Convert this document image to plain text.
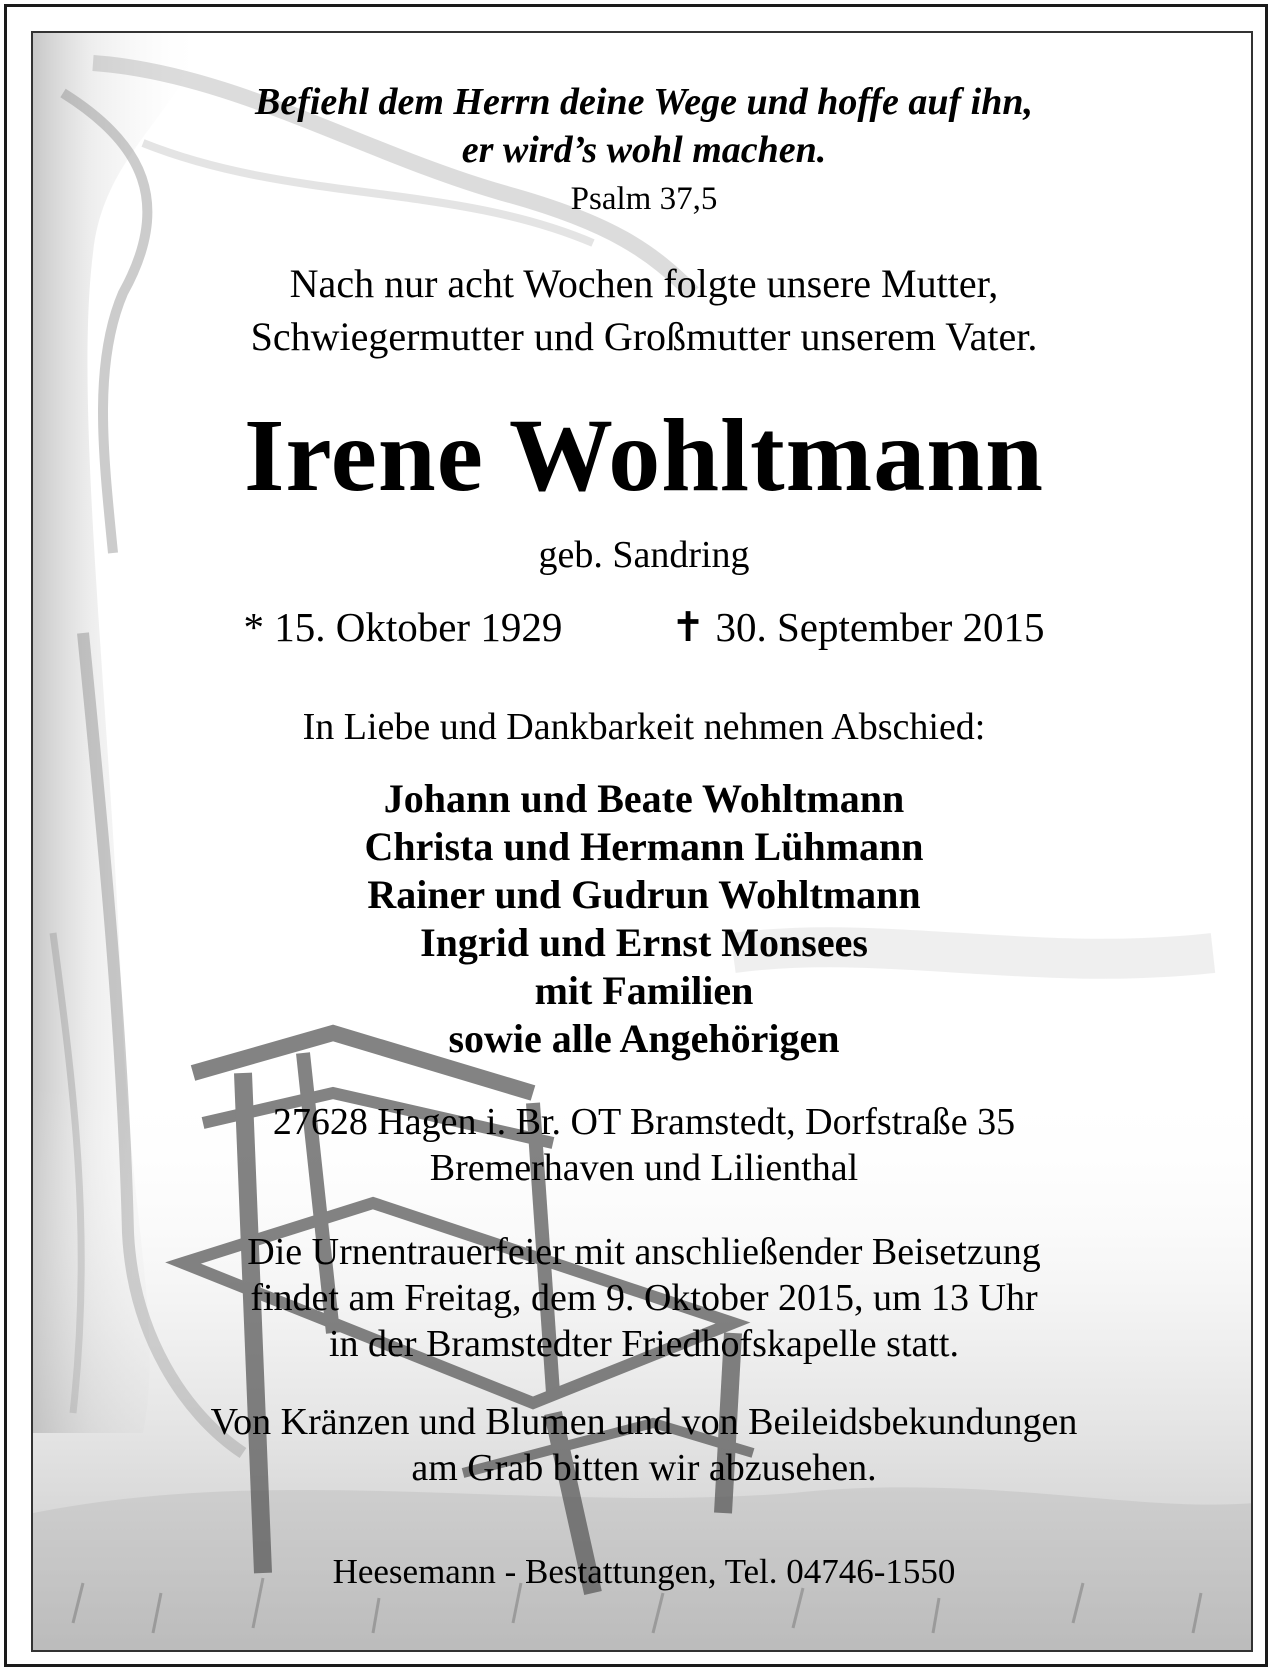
Befiehl dem Herrn deine Wege und hoffe auf ihn,
er wird’s wohl machen.
Psalm 37,5
Nach nur acht Wochen folgte unsere Mutter,
Schwiegermutter und Großmutter unserem Vater.
Irene Wohltmann
geb. Sandring
* 15. Oktober 1929	✝ 30. September 2015
In Liebe und Dankbarkeit nehmen Abschied:
Johann und Beate Wohltmann
Christa und Hermann Lühmann
Rainer und Gudrun Wohltmann
Ingrid und Ernst Monsees
mit Familien
sowie alle Angehörigen
27628 Hagen i. Br. OT Bramstedt, Dorfstraße 35
Bremerhaven und Lilienthal
Die Urnentrauerfeier mit anschließender Beisetzung
findet am Freitag, dem 9. Oktober 2015, um 13 Uhr
in der Bramstedter Friedhofskapelle statt.
Von Kränzen und Blumen und von Beileidsbekundungen
am Grab bitten wir abzusehen.
Heesemann - Bestattungen, Tel. 04746-1550
